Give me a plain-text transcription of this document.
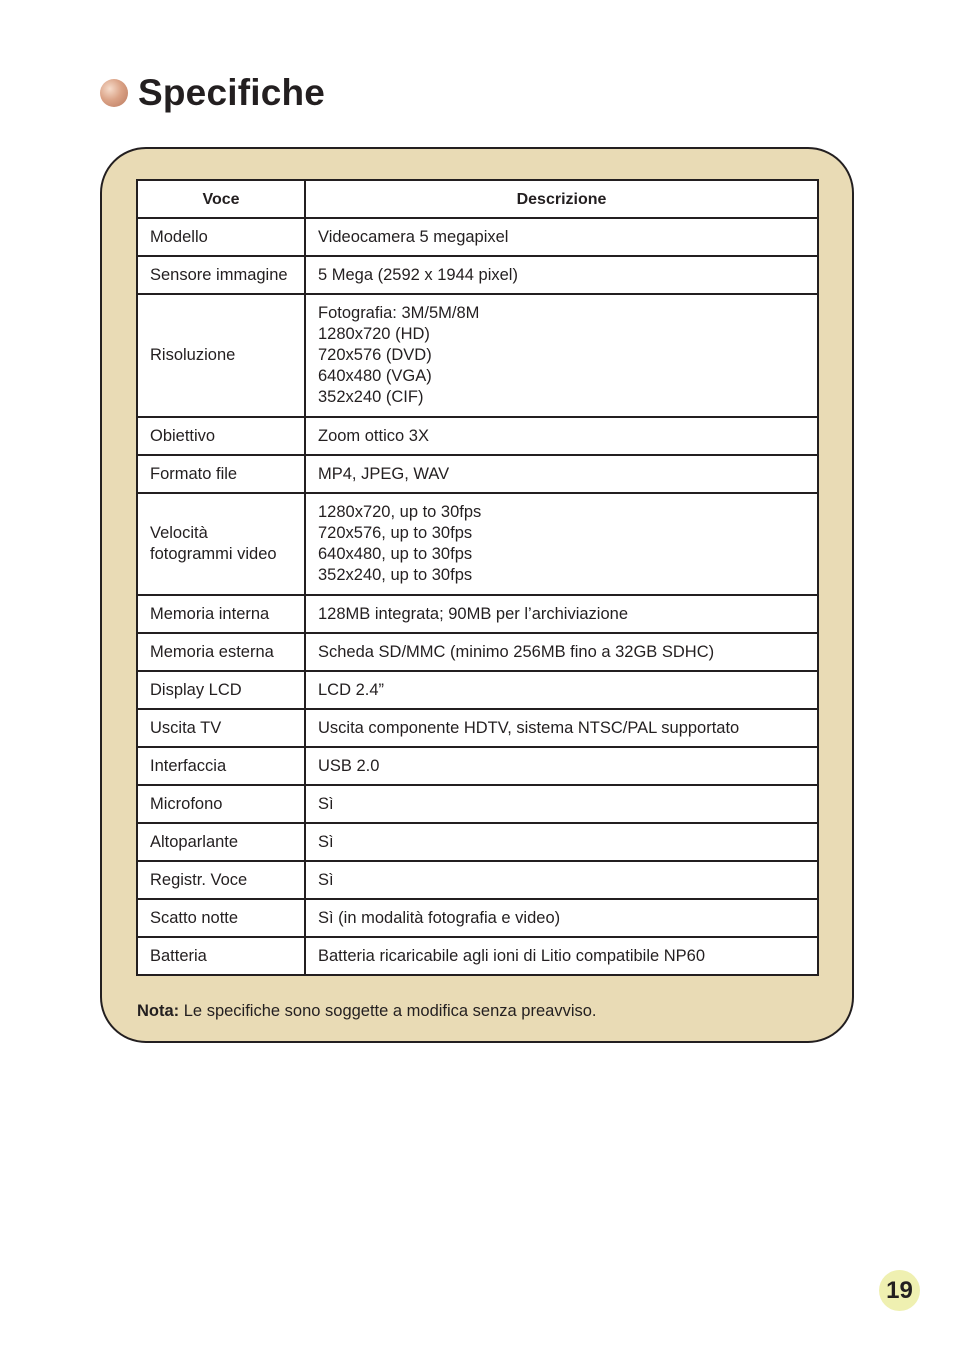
Specifiche
Voce	Descrizione

Modello	Videocamera 5 megapixel

Sensore immagine	5 Mega (2592 x 1944 pixel)

Risoluzione	Fotografia: 3M/5M/8M
1280x720 (HD)
720x576 (DVD)
640x480 (VGA)
352x240 (CIF)

Obiettivo	Zoom ottico 3X

Formato file	MP4, JPEG, WAV

Velocità
fotogrammi video	1280x720, up to 30fps
720x576, up to 30fps
640x480, up to 30fps
352x240, up to 30fps

Memoria interna	128MB integrata; 90MB per l’archiviazione

Memoria esterna	Scheda SD/MMC (minimo 256MB fino a 32GB SDHC)

Display LCD	LCD 2.4”

Uscita TV	Uscita componente HDTV, sistema NTSC/PAL supportato

Interfaccia	USB 2.0

Microfono	Sì

Altoparlante	Sì

Registr. Voce	Sì

Scatto notte	Sì (in modalità fotografia e video)

Batteria	Batteria ricaricabile agli ioni di Litio compatibile NP60
Nota: Le specifiche sono soggette a modifica senza preavviso.
19
